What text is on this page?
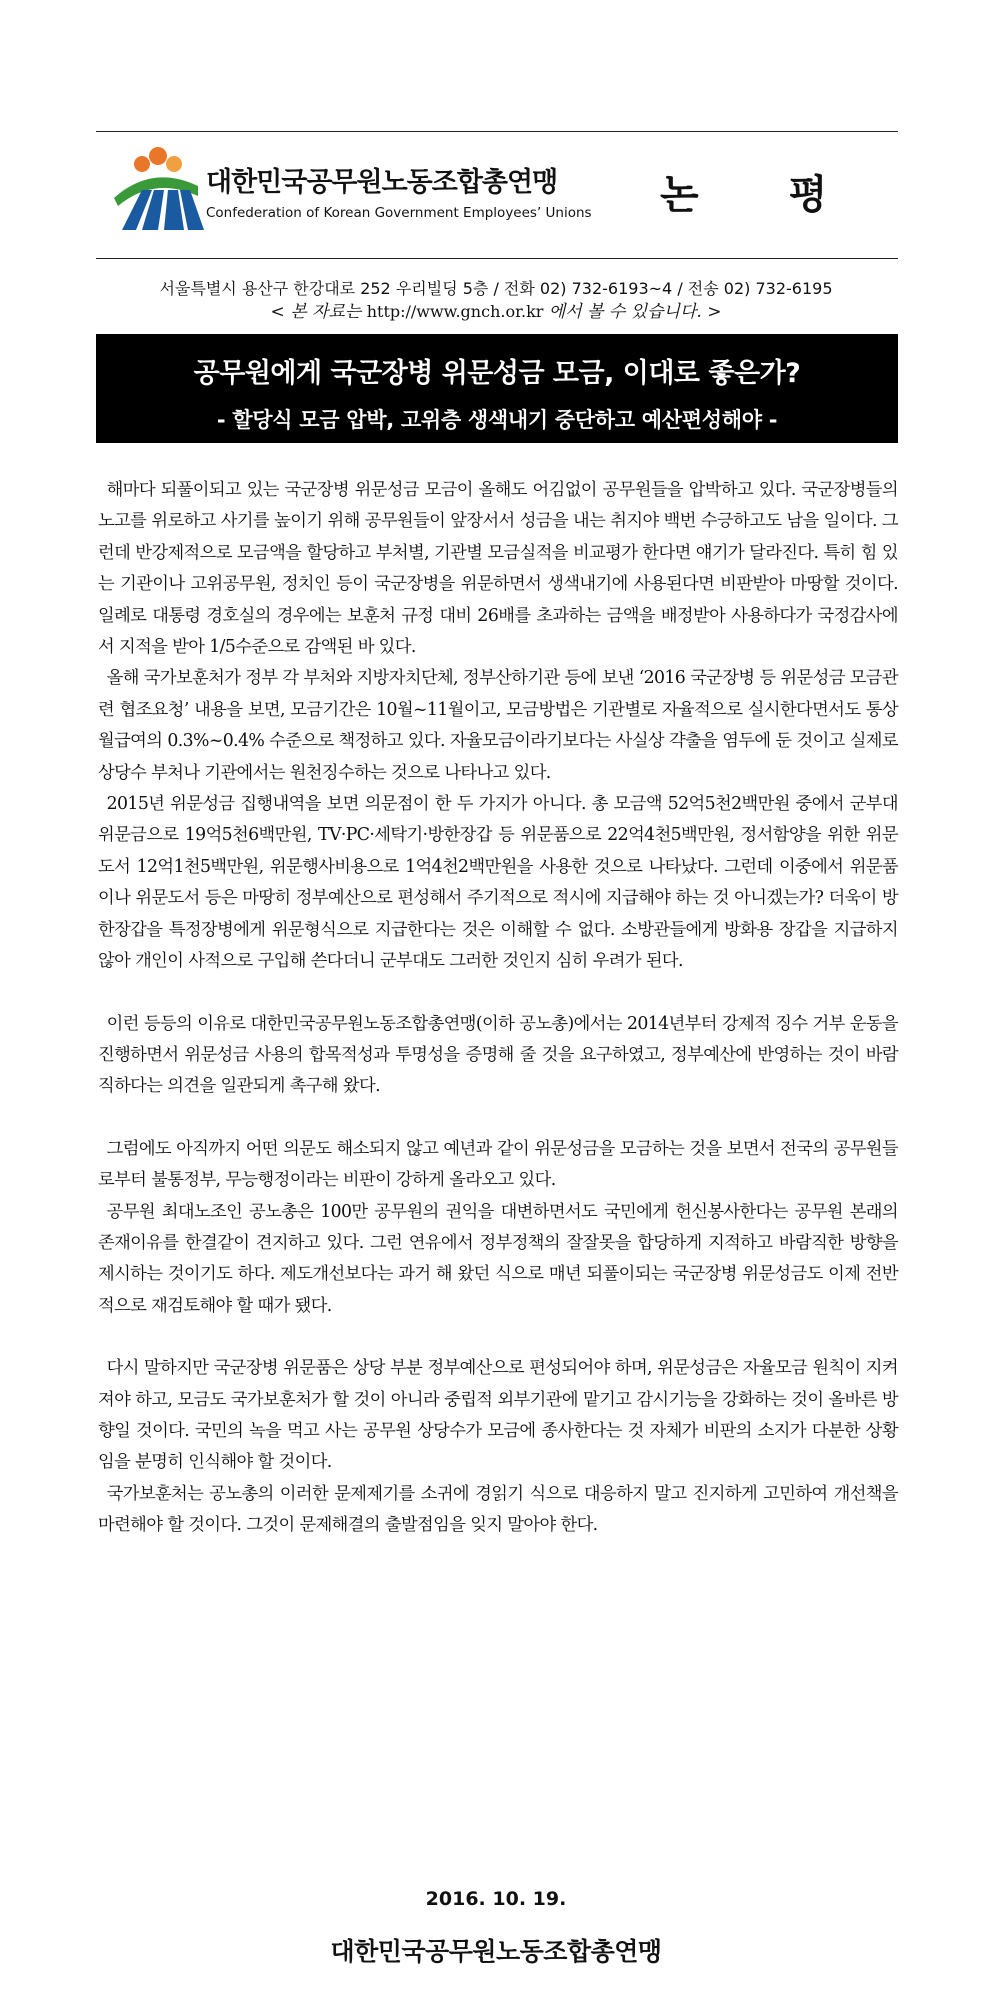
대한민국공무원노동조합총연맹
Confederation of Korean Government Employees’ Unions 논 평
서울특별시 용산구 한강대로 252 우리빌딩 5층 / 전화 02) 732-6193~4 / 전송 02) 732-6195
< 본 자료는 http://www.gnch.or.kr 에서 볼 수 있습니다. >
공무원에게 국군장병 위문성금 모금, 이대로 좋은가?
- 할당식 모금 압박, 고위층 생색내기 중단하고 예산편성해야 -

해마다 되풀이되고 있는 국군장병 위문성금 모금이 올해도 어김없이 공무원들을 압박하고 있다. 국군장병들의 노고를 위로하고 사기를 높이기 위해 공무원들이 앞장서서 성금을 내는 취지야 백번 수긍하고도 남을 일이다. 그런데 반강제적으로 모금액을 할당하고 부처별, 기관별 모금실적을 비교평가 한다면 얘기가 달라진다. 특히 힘 있는 기관이나 고위공무원, 정치인 등이 국군장병을 위문하면서 생색내기에 사용된다면 비판받아 마땅할 것이다. 일례로 대통령 경호실의 경우에는 보훈처 규정 대비 26배를 초과하는 금액을 배정받아 사용하다가 국정감사에서 지적을 받아 1/5수준으로 감액된 바 있다.

올해 국가보훈처가 정부 각 부처와 지방자치단체, 정부산하기관 등에 보낸 ‘2016 국군장병 등 위문성금 모금관련 협조요청’ 내용을 보면, 모금기간은 10월~11월이고, 모금방법은 기관별로 자율적으로 실시한다면서도 통상 월급여의 0.3%~0.4% 수준으로 책정하고 있다. 자율모금이라기보다는 사실상 갹출을 염두에 둔 것이고 실제로 상당수 부처나 기관에서는 원천징수하는 것으로 나타나고 있다.

2015년 위문성금 집행내역을 보면 의문점이 한 두 가지가 아니다. 총 모금액 52억5천2백만원 중에서 군부대 위문금으로 19억5천6백만원, TV·PC·세탁기·방한장갑 등 위문품으로 22억4천5백만원, 정서함양을 위한 위문도서 12억1천5백만원, 위문행사비용으로 1억4천2백만원을 사용한 것으로 나타났다. 그런데 이중에서 위문품이나 위문도서 등은 마땅히 정부예산으로 편성해서 주기적으로 적시에 지급해야 하는 것 아니겠는가? 더욱이 방한장갑을 특정장병에게 위문형식으로 지급한다는 것은 이해할 수 없다. 소방관들에게 방화용 장갑을 지급하지 않아 개인이 사적으로 구입해 쓴다더니 군부대도 그러한 것인지 심히 우려가 된다.

이런 등등의 이유로 대한민국공무원노동조합총연맹(이하 공노총)에서는 2014년부터 강제적 징수 거부 운동을 진행하면서 위문성금 사용의 합목적성과 투명성을 증명해 줄 것을 요구하였고, 정부예산에 반영하는 것이 바람직하다는 의견을 일관되게 촉구해 왔다.

그럼에도 아직까지 어떤 의문도 해소되지 않고 예년과 같이 위문성금을 모금하는 것을 보면서 전국의 공무원들로부터 불통정부, 무능행정이라는 비판이 강하게 올라오고 있다.

공무원 최대노조인 공노총은 100만 공무원의 권익을 대변하면서도 국민에게 헌신봉사한다는 공무원 본래의 존재이유를 한결같이 견지하고 있다. 그런 연유에서 정부정책의 잘잘못을 합당하게 지적하고 바람직한 방향을 제시하는 것이기도 하다. 제도개선보다는 과거 해 왔던 식으로 매년 되풀이되는 국군장병 위문성금도 이제 전반적으로 재검토해야 할 때가 됐다.

다시 말하지만 국군장병 위문품은 상당 부분 정부예산으로 편성되어야 하며, 위문성금은 자율모금 원칙이 지켜져야 하고, 모금도 국가보훈처가 할 것이 아니라 중립적 외부기관에 맡기고 감시기능을 강화하는 것이 올바른 방향일 것이다. 국민의 녹을 먹고 사는 공무원 상당수가 모금에 종사한다는 것 자체가 비판의 소지가 다분한 상황임을 분명히 인식해야 할 것이다.

국가보훈처는 공노총의 이러한 문제제기를 소귀에 경읽기 식으로 대응하지 말고 진지하게 고민하여 개선책을 마련해야 할 것이다. 그것이 문제해결의 출발점임을 잊지 말아야 한다.

2016. 10. 19.
대한민국공무원노동조합총연맹
